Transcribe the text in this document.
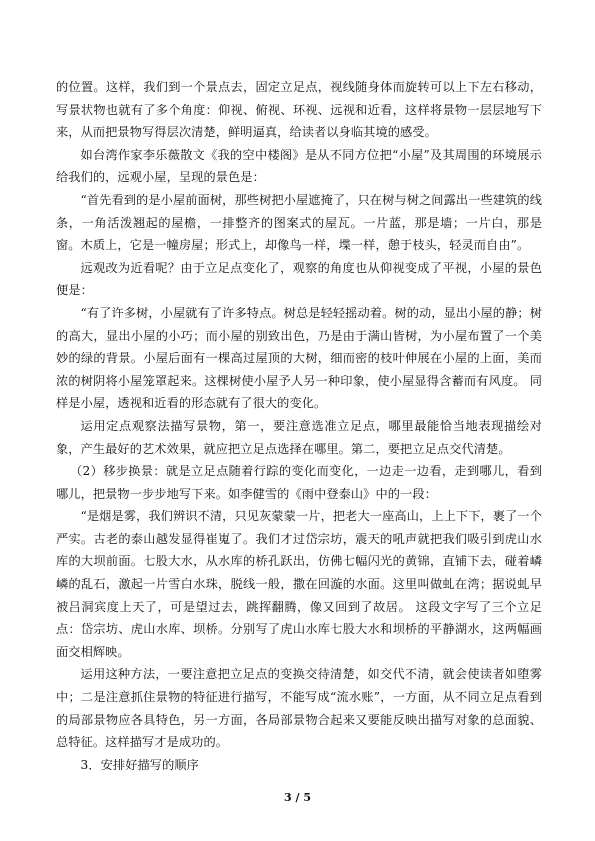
的位置。这样，我们到一个景点去，固定立足点，视线随身体而旋转可以上下左右移动，写景状物也就有了多个角度：仰视、俯视、环视、远视和近看，这样将景物一层层地写下来，从而把景物写得层次清楚，鲜明逼真，给读者以身临其境的感受。

如台湾作家李乐薇散文《我的空中楼阁》是从不同方位把“小屋”及其周围的环境展示给我们的，远观小屋，呈现的景色是：

“首先看到的是小屋前面树，那些树把小屋遮掩了，只在树与树之间露出一些建筑的线条，一角活泼翘起的屋檐，一排整齐的图案式的屋瓦。一片蓝，那是墙；一片白，那是窗。木质上，它是一幢房屋；形式上，却像鸟一样，堞一样，憩于枝头，轻灵而自由”。

远观改为近看呢？由于立足点变化了，观察的角度也从仰视变成了平视，小屋的景色便是：

“有了许多树，小屋就有了许多特点。树总是轻轻摇动着。树的动，显出小屋的静；树的高大，显出小屋的小巧；而小屋的别致出色，乃是由于满山皆树，为小屋布置了一个美妙的绿的背景。小屋后面有一棵高过屋顶的大树，细而密的枝叶伸展在小屋的上面，美而浓的树阴将小屋笼罩起来。这棵树使小屋予人另一种印象，使小屋显得含蓄而有风度。 同样是小屋，透视和近看的形态就有了很大的变化。

运用定点观察法描写景物，第一，要注意选准立足点，哪里最能恰当地表现描绘对象，产生最好的艺术效果，就应把立足点选择在哪里。第二，要把立足点交代清楚。

（2）移步换景：就是立足点随着行踪的变化而变化，一边走一边看，走到哪儿，看到哪儿，把景物一步步地写下来。如李健雪的《雨中登泰山》中的一段：

“是烟是雾，我们辨识不清，只见灰蒙蒙一片，把老大一座高山，上上下下，裹了一个严实。古老的泰山越发显得崔嵬了。我们才过岱宗坊，震天的吼声就把我们吸引到虎山水库的大坝前面。七股大水，从水库的桥孔跃出，仿佛七幅闪光的黄锦，直铺下去，碰着嶙嶙的乱石，激起一片雪白水珠，脱线一般，撒在回漩的水面。这里叫做虬在湾；据说虬早被吕洞宾度上天了，可是望过去，跳挥翻腾，像又回到了故居。 这段文字写了三个立足点：岱宗坊、虎山水库、坝桥。分别写了虎山水库七股大水和坝桥的平静湖水，这两幅画面交相辉映。

运用这种方法，一要注意把立足点的变换交待清楚，如交代不清，就会使读者如堕雾中；二是注意抓住景物的特征进行描写，不能写成“流水账”，一方面，从不同立足点看到的局部景物应各具特色，另一方面，各局部景物合起来又要能反映出描写对象的总面貌、总特征。这样描写才是成功的。

3．安排好描写的顺序

3 / 5
